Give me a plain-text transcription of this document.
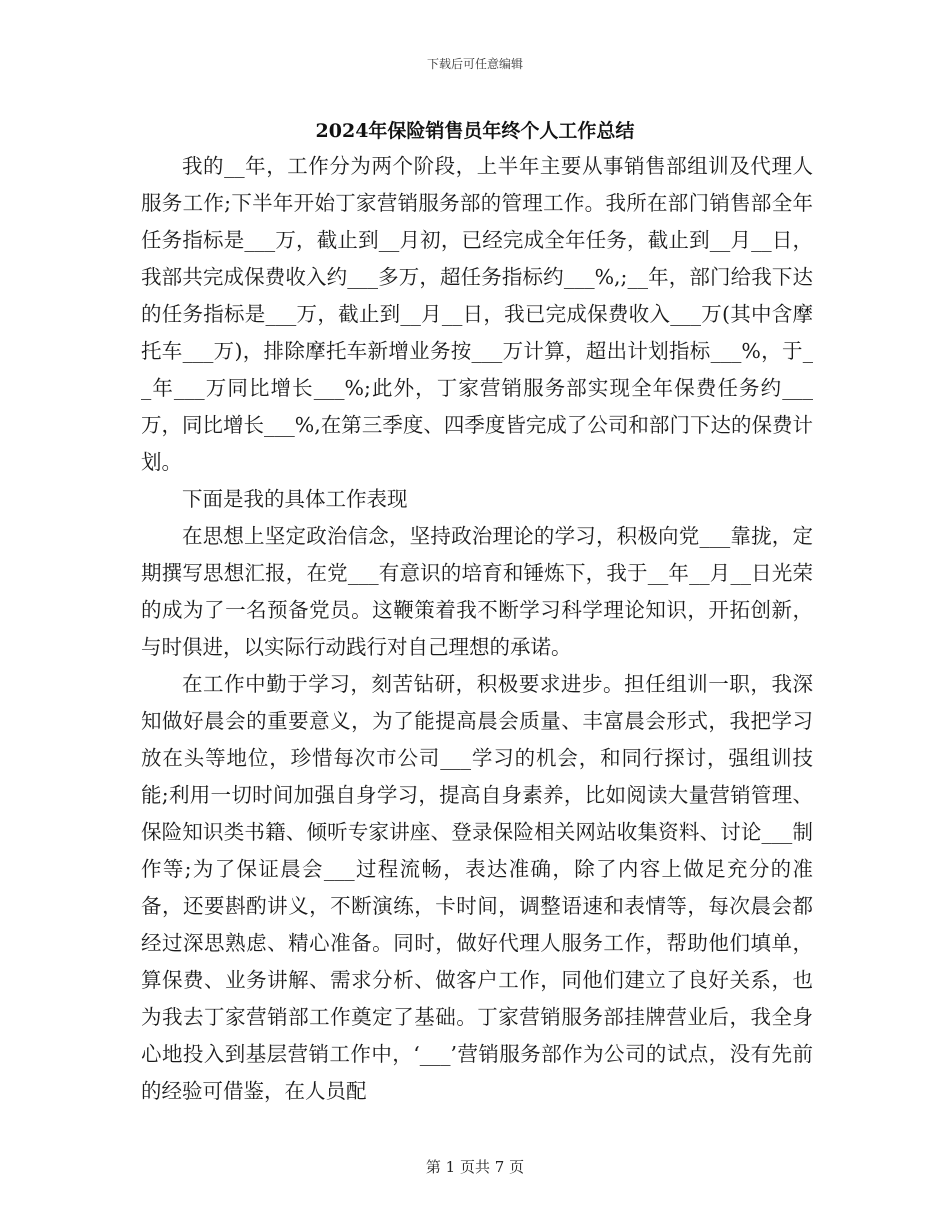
下载后可任意编辑
2024年保险销售员年终个人工作总结

我的__年，工作分为两个阶段，上半年主要从事销售部组训及代理人服务工作;下半年开始丁家营销服务部的管理工作。我所在部门销售部全年任务指标是___万，截止到__月初，已经完成全年任务，截止到__月__日，我部共完成保费收入约___多万，超任务指标约___%,;__年，部门给我下达的任务指标是___万，截止到__月__日，我已完成保费收入___万(其中含摩托车___万)，排除摩托车新增业务按___万计算，超出计划指标___%，于__年___万同比增长___%;此外，丁家营销服务部实现全年保费任务约___万，同比增长___%,在第三季度、四季度皆完成了公司和部门下达的保费计划。

下面是我的具体工作表现

在思想上坚定政治信念，坚持政治理论的学习，积极向党___靠拢，定期撰写思想汇报，在党___有意识的培育和锤炼下，我于__年__月__日光荣的成为了一名预备党员。这鞭策着我不断学习科学理论知识，开拓创新，与时俱进，以实际行动践行对自己理想的承诺。

在工作中勤于学习，刻苦钻研，积极要求进步。担任组训一职，我深知做好晨会的重要意义，为了能提高晨会质量、丰富晨会形式，我把学习放在头等地位，珍惜每次市公司___学习的机会，和同行探讨，强组训技能;利用一切时间加强自身学习，提高自身素养，比如阅读大量营销管理、保险知识类书籍、倾听专家讲座、登录保险相关网站收集资料、讨论___制作等;为了保证晨会___过程流畅，表达准确，除了内容上做足充分的准备，还要斟酌讲义，不断演练，卡时间，调整语速和表情等，每次晨会都经过深思熟虑、精心准备。同时，做好代理人服务工作，帮助他们填单，算保费、业务讲解、需求分析、做客户工作，同他们建立了良好关系，也为我去丁家营销部工作奠定了基础。丁家营销服务部挂牌营业后，我全身心地投入到基层营销工作中，‘___’营销服务部作为公司的试点，没有先前的经验可借鉴，在人员配

第 1 页共 7 页
